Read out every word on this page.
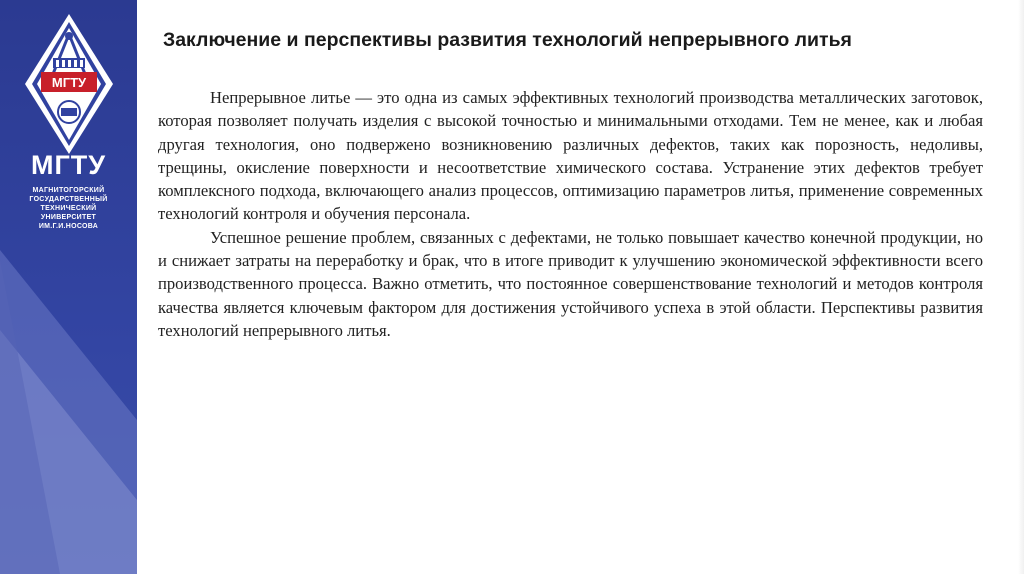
МГТУ
МГТУ
МАГНИТОГОРСКИЙ
ГОСУДАРСТВЕННЫЙ
ТЕХНИЧЕСКИЙ
УНИВЕРСИТЕТ
ИМ.Г.И.НОСОВА
Заключение и перспективы развития технологий непрерывного литья

Непрерывное литье — это одна из самых эффективных технологий производства металлических заготовок, которая позволяет получать изделия с высокой точностью и минимальными отходами. Тем не менее, как и любая другая технология, оно подвержено возникновению различных дефектов, таких как порозность, недоливы, трещины, окисление поверхности и несоответствие химического состава. Устранение этих дефектов требует комплексного подхода, включающего анализ процессов, оптимизацию параметров литья, применение современных технологий контроля и обучения персонала.

Успешное решение проблем, связанных с дефектами, не только повышает качество конечной продукции, но и снижает затраты на переработку и брак, что в итоге приводит к улучшению экономической эффективности всего производственного процесса. Важно отметить, что постоянное совершенствование технологий и методов контроля качества является ключевым фактором для достижения устойчивого успеха в этой области. Перспективы развития технологий непрерывного литья.
